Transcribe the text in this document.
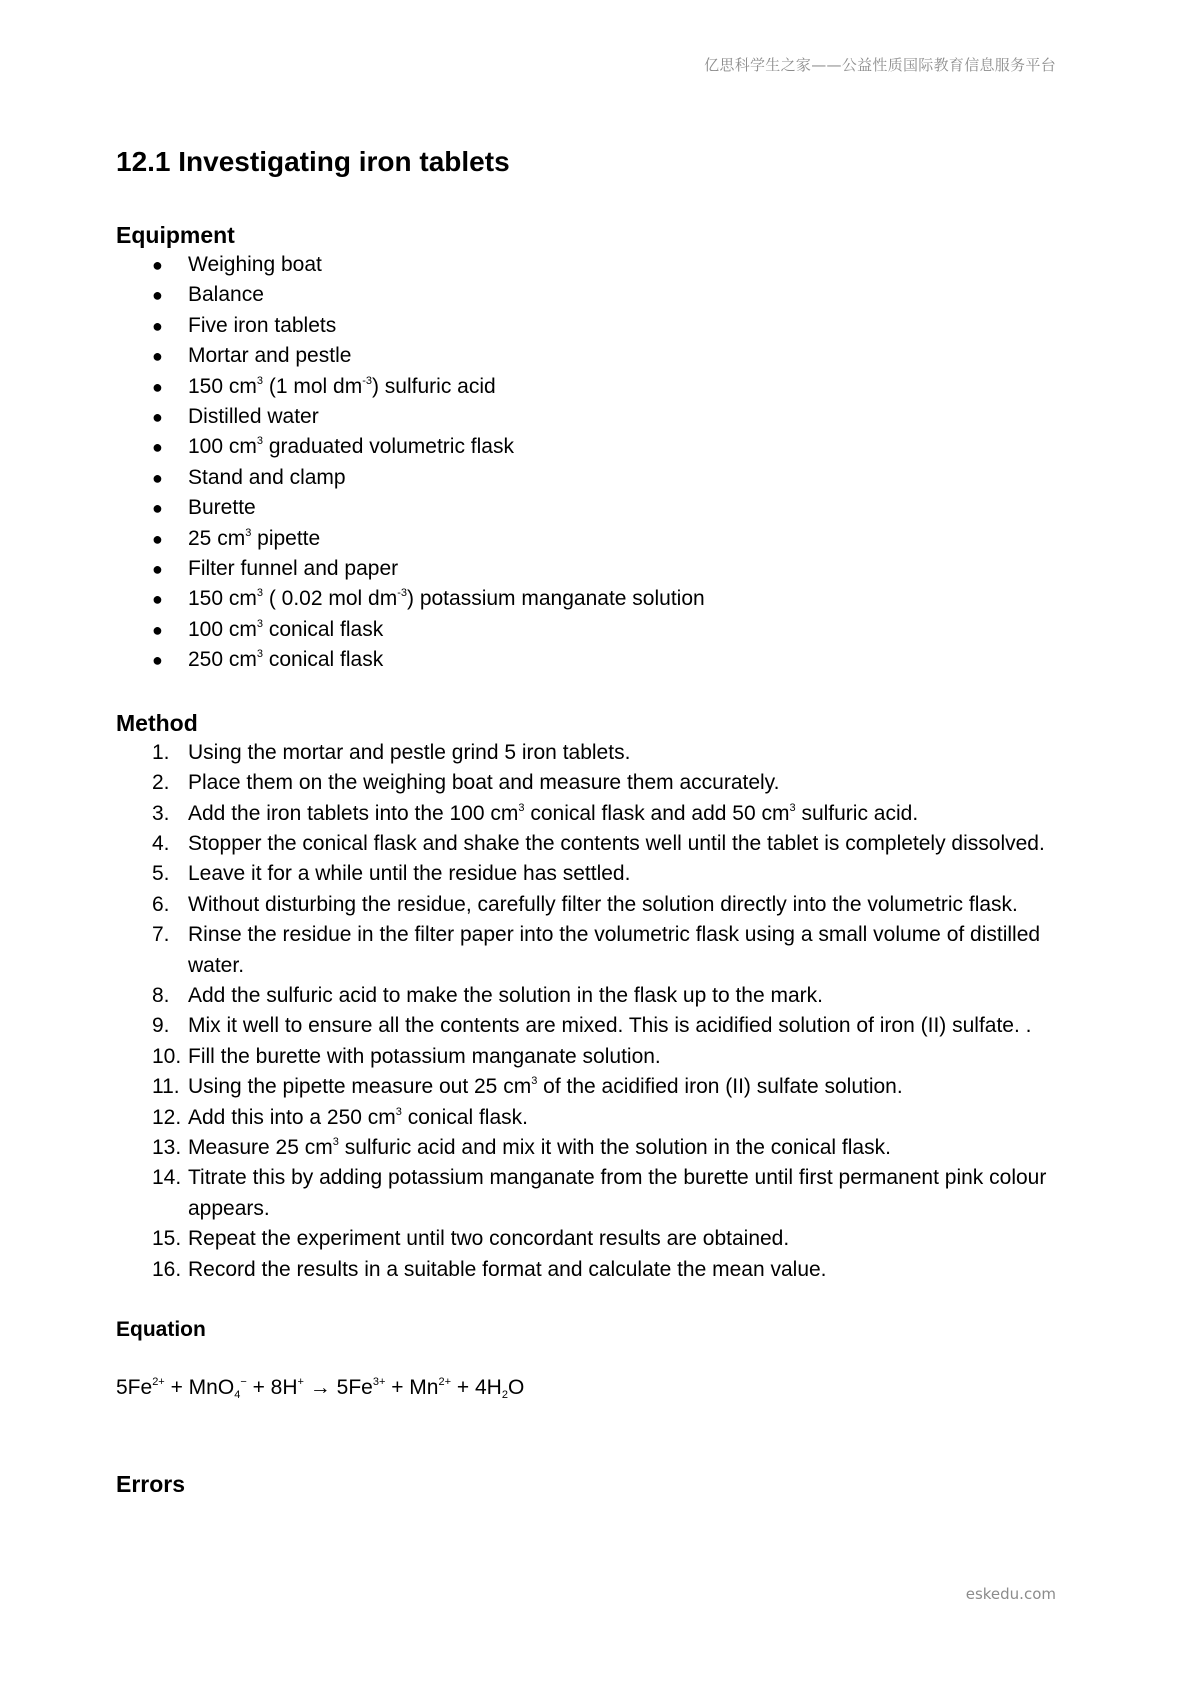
亿思科学生之家——公益性质国际教育信息服务平台
12.1 Investigating iron tablets
Equipment
● Weighing boat
● Balance
● Five iron tablets
● Mortar and pestle
● 150 $cm^3$ (1 mol $dm^{-3}$) sulfuric acid
● Distilled water
● 100 $cm^3$ graduated volumetric flask
● Stand and clamp
● Burette
● 25 $cm^3$ pipette
● Filter funnel and paper
● 150 $cm^3$ ( 0.02 mol $dm^{-3}$) potassium manganate solution
● 100 $cm^3$ conical flask
● 250 $cm^3$ conical flask
Method
1. Using the mortar and pestle grind 5 iron tablets.
2. Place them on the weighing boat and measure them accurately.
3. Add the iron tablets into the 100 $cm^3$ conical flask and add 50 $cm^3$ sulfuric acid.
4. Stopper the conical flask and shake the contents well until the tablet is completely dissolved.
5. Leave it for a while until the residue has settled.
6. Without disturbing the residue, carefully filter the solution directly into the volumetric flask.
7. Rinse the residue in the filter paper into the volumetric flask using a small volume of distilled water.
8. Add the sulfuric acid to make the solution in the flask up to the mark.
9. Mix it well to ensure all the contents are mixed. This is acidified solution of iron (II) sulfate. .
10. Fill the burette with potassium manganate solution.
11. Using the pipette measure out 25 $cm^3$ of the acidified iron (II) sulfate solution.
12. Add this into a 250 $cm^3$ conical flask.
13. Measure 25 $cm^3$ sulfuric acid and mix it with the solution in the conical flask.
14. Titrate this by adding potassium manganate from the burette until first permanent pink colour appears.
15. Repeat the experiment until two concordant results are obtained.
16. Record the results in a suitable format and calculate the mean value.
Equation
$5Fe^{2+} + MnO_4^- + 8H^+ \to 5Fe^{3+} + Mn^{2+} + 4H_2O$
Errors
eskedu.com
